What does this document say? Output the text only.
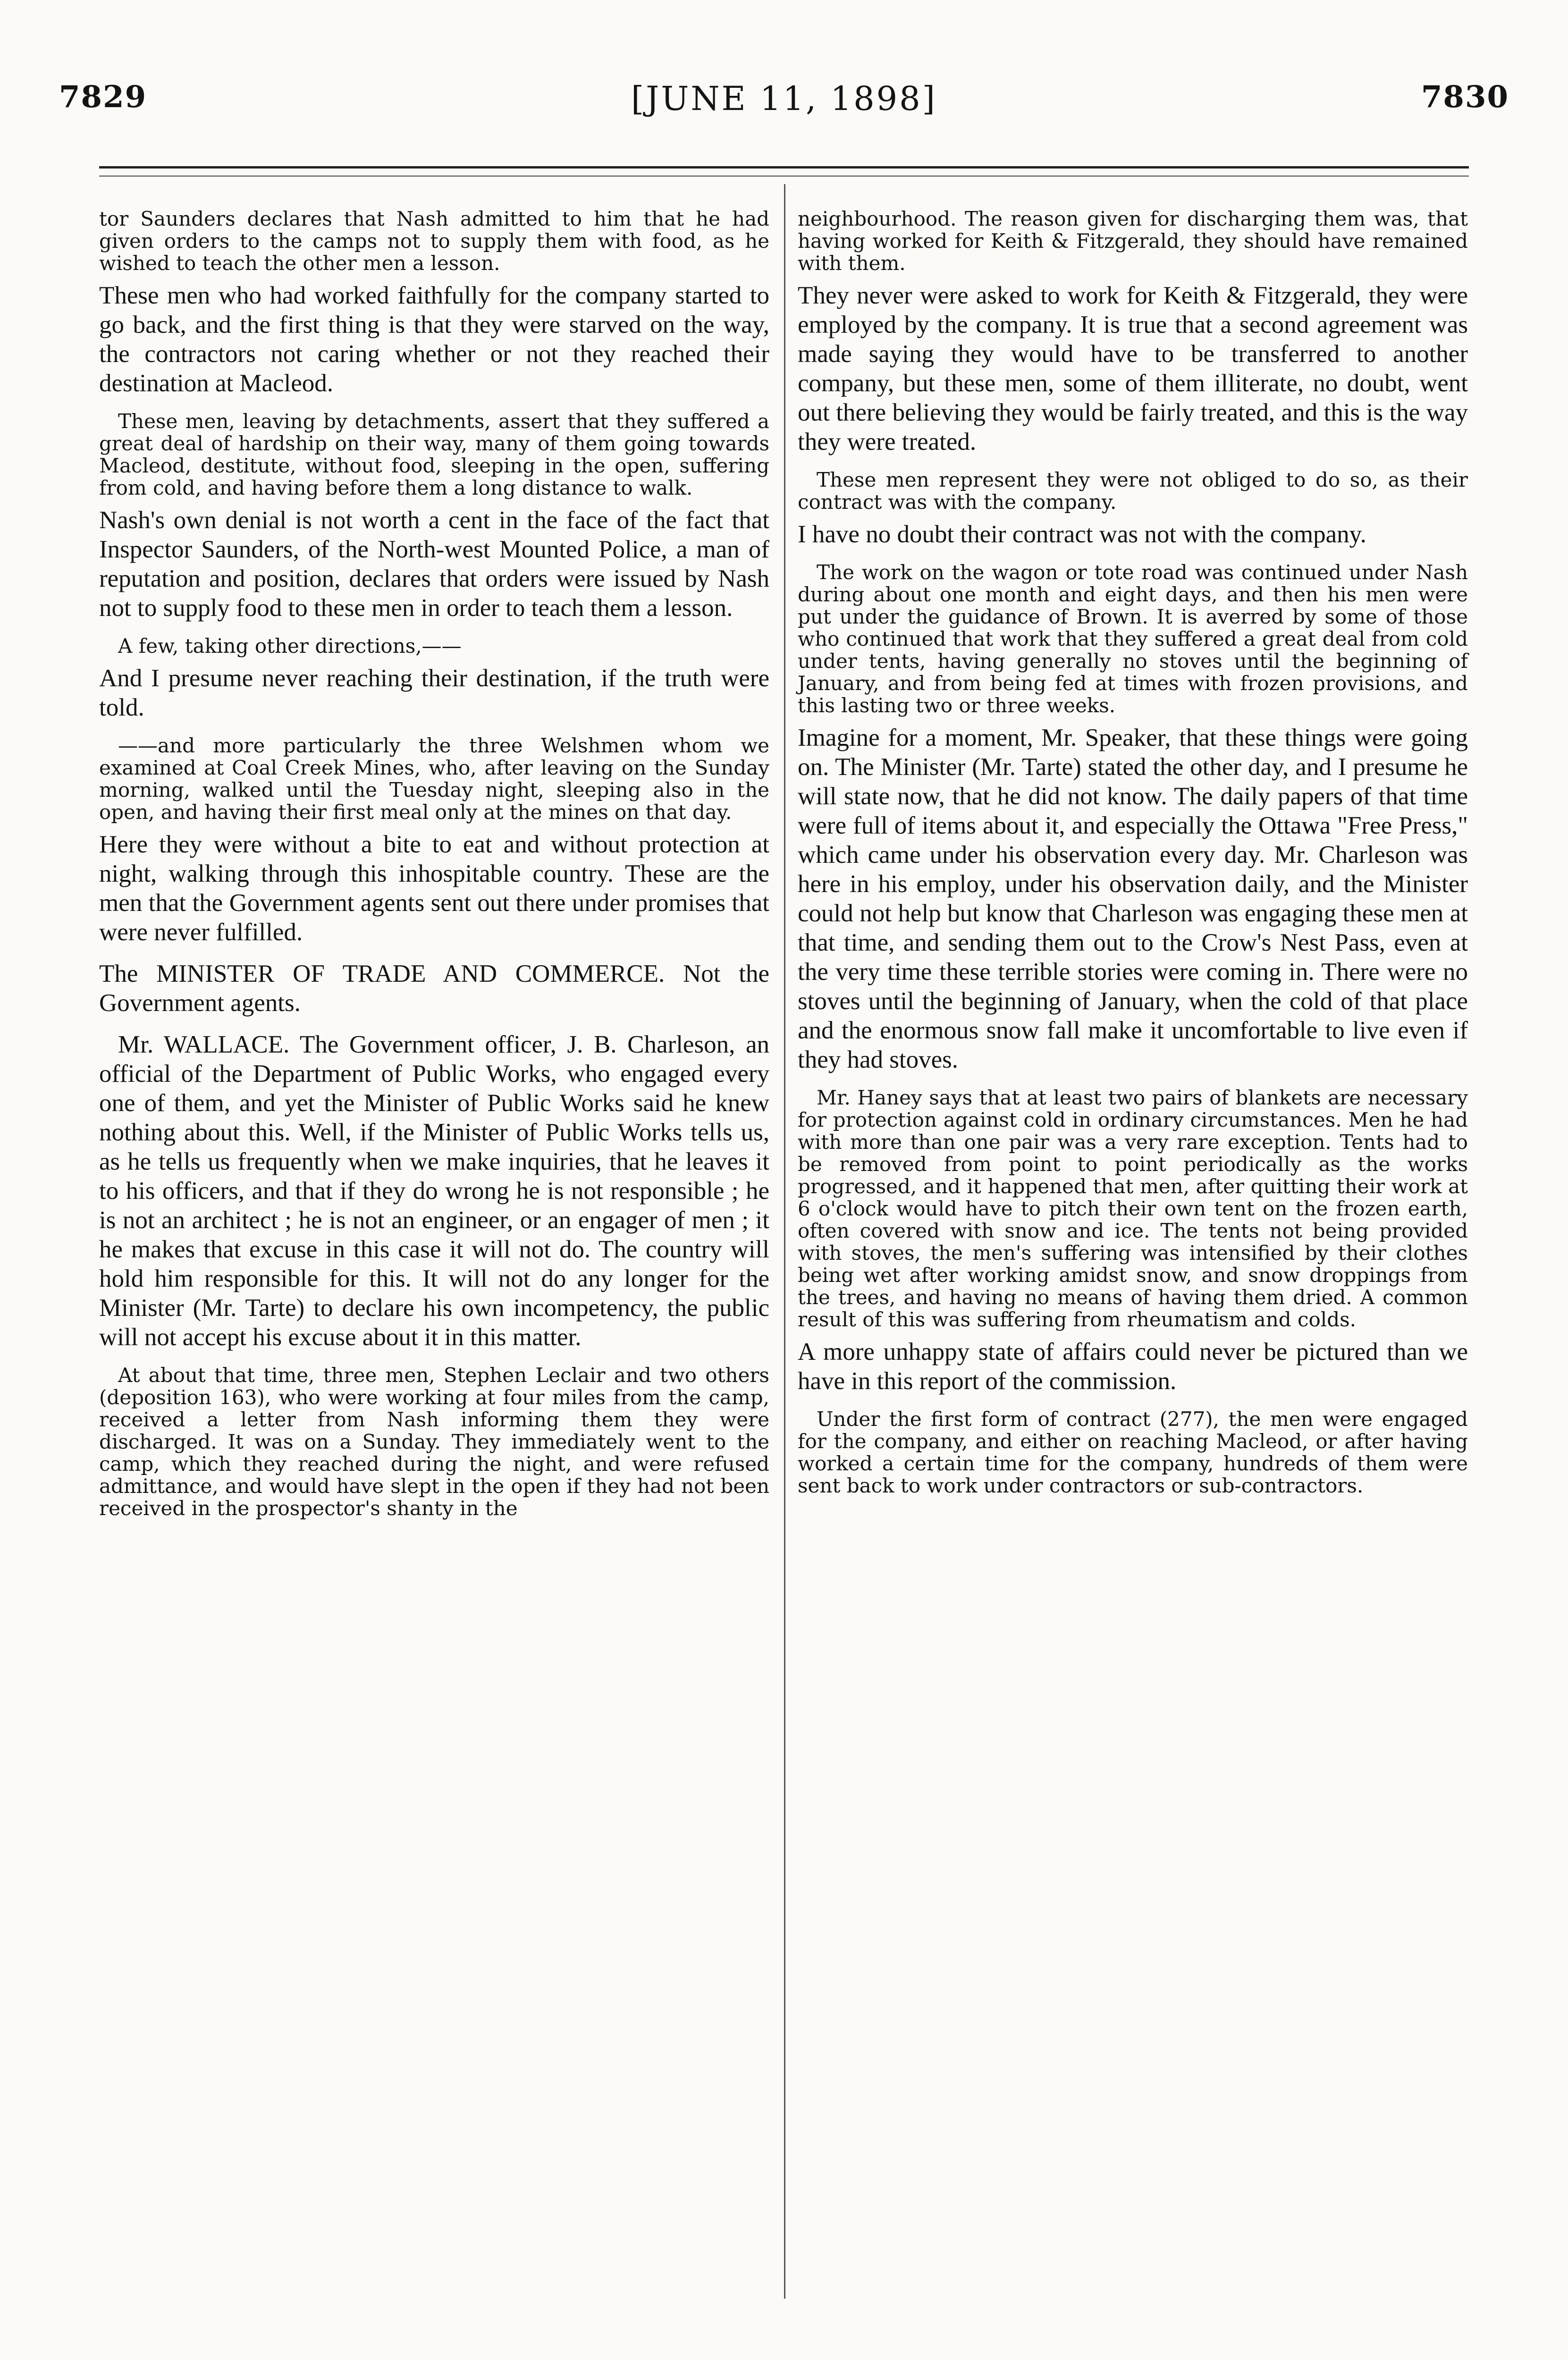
7829	[JUNE 11, 1898]	7830

tor Saunders declares that Nash admitted to him that he had given orders to the camps not to supply them with food, as he wished to teach the other men a lesson.

These men who had worked faithfully for the company started to go back, and the first thing is that they were starved on the way, the contractors not caring whether or not they reached their destination at Macleod.

These men, leaving by detachments, assert that they suffered a great deal of hardship on their way, many of them going towards Macleod, destitute, without food, sleeping in the open, suffering from cold, and having before them a long distance to walk.

Nash's own denial is not worth a cent in the face of the fact that Inspector Saunders, of the North-west Mounted Police, a man of reputation and position, declares that orders were issued by Nash not to supply food to these men in order to teach them a lesson.

A few, taking other directions,——

And I presume never reaching their destination, if the truth were told.

——and more particularly the three Welshmen whom we examined at Coal Creek Mines, who, after leaving on the Sunday morning, walked until the Tuesday night, sleeping also in the open, and having their first meal only at the mines on that day.

Here they were without a bite to eat and without protection at night, walking through this inhospitable country. These are the men that the Government agents sent out there under promises that were never fulfilled.

The MINISTER OF TRADE AND COMMERCE. Not the Government agents.

Mr. WALLACE. The Government officer, J. B. Charleson, an official of the Department of Public Works, who engaged every one of them, and yet the Minister of Public Works said he knew nothing about this. Well, if the Minister of Public Works tells us, as he tells us frequently when we make inquiries, that he leaves it to his officers, and that if they do wrong he is not responsible ; he is not an architect ; he is not an engineer, or an engager of men ; it he makes that excuse in this case it will not do. The country will hold him responsible for this. It will not do any longer for the Minister (Mr. Tarte) to declare his own incompetency, the public will not accept his excuse about it in this matter.

At about that time, three men, Stephen Leclair and two others (deposition 163), who were working at four miles from the camp, received a letter from Nash informing them they were discharged. It was on a Sunday. They immediately went to the camp, which they reached during the night, and were refused admittance, and would have slept in the open if they had not been received in the prospector's shanty in the

neighbourhood. The reason given for discharging them was, that having worked for Keith & Fitzgerald, they should have remained with them.

They never were asked to work for Keith & Fitzgerald, they were employed by the company. It is true that a second agreement was made saying they would have to be transferred to another company, but these men, some of them illiterate, no doubt, went out there believing they would be fairly treated, and this is the way they were treated.

These men represent they were not obliged to do so, as their contract was with the company.

I have no doubt their contract was not with the company.

The work on the wagon or tote road was continued under Nash during about one month and eight days, and then his men were put under the guidance of Brown. It is averred by some of those who continued that work that they suffered a great deal from cold under tents, having generally no stoves until the beginning of January, and from being fed at times with frozen provisions, and this lasting two or three weeks.

Imagine for a moment, Mr. Speaker, that these things were going on. The Minister (Mr. Tarte) stated the other day, and I presume he will state now, that he did not know. The daily papers of that time were full of items about it, and especially the Ottawa "Free Press," which came under his observation every day. Mr. Charleson was here in his employ, under his observation daily, and the Minister could not help but know that Charleson was engaging these men at that time, and sending them out to the Crow's Nest Pass, even at the very time these terrible stories were coming in. There were no stoves until the beginning of January, when the cold of that place and the enormous snow fall make it uncomfortable to live even if they had stoves.

Mr. Haney says that at least two pairs of blankets are necessary for protection against cold in ordinary circumstances. Men he had with more than one pair was a very rare exception. Tents had to be removed from point to point periodically as the works progressed, and it happened that men, after quitting their work at 6 o'clock would have to pitch their own tent on the frozen earth, often covered with snow and ice. The tents not being provided with stoves, the men's suffering was intensified by their clothes being wet after working amidst snow, and snow droppings from the trees, and having no means of having them dried. A common result of this was suffering from rheumatism and colds.

A more unhappy state of affairs could never be pictured than we have in this report of the commission.

Under the first form of contract (277), the men were engaged for the company, and either on reaching Macleod, or after having worked a certain time for the company, hundreds of them were sent back to work under contractors or sub-contractors.
